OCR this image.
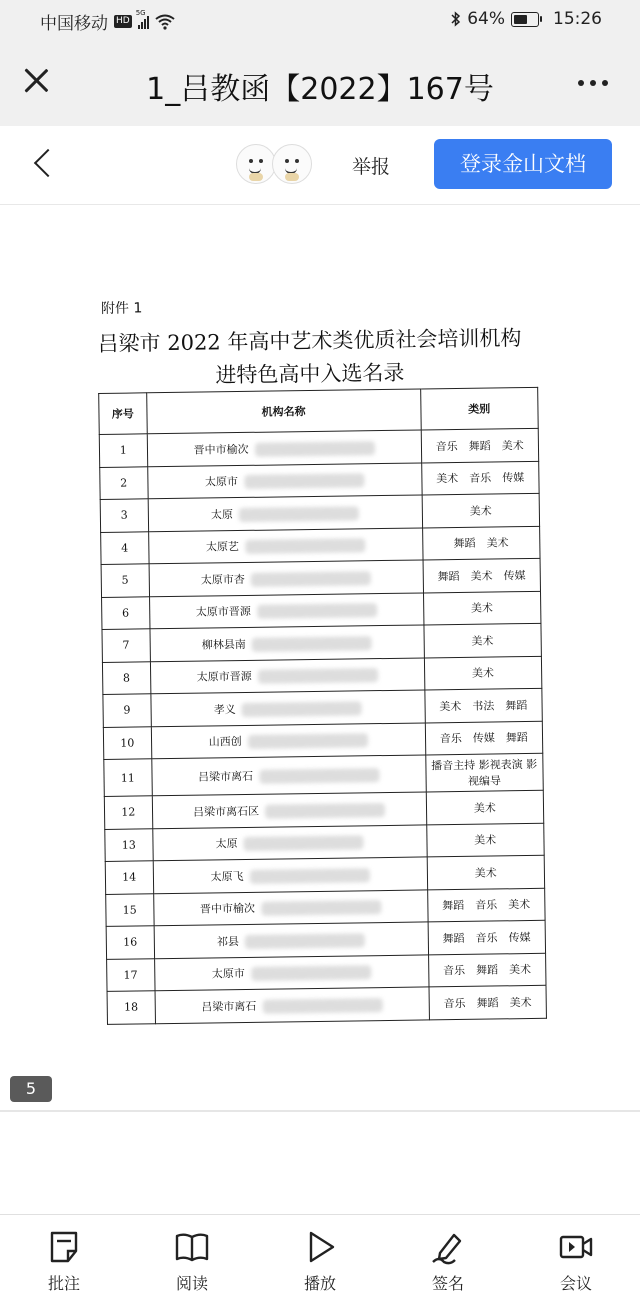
中国移动 HD
5G	64%	15:26
1_吕教函【2022】167号
举报	登录金山文档
附件 1
吕梁市 2022 年高中艺术类优质社会培训机构
进特色高中入选名录
序号	机构名称	类别
1	晋中市榆次	音乐　舞蹈　美术
2	太原市	美术　音乐　传媒
3	太原	美术
4	太原艺	舞蹈　美术
5	太原市杏	舞蹈　美术　传媒
6	太原市晋源	美术
7	柳林县南	美术
8	太原市晋源	美术
9	孝义	美术　书法　舞蹈
10	山西创	音乐　传媒　舞蹈
11	吕梁市离石	播音主持 影视表演 影视编导
12	吕梁市离石区	美术
13	太原	美术
14	太原飞	美术
15	晋中市榆次	舞蹈　音乐　美术
16	祁县	舞蹈　音乐　传媒
17	太原市	音乐　舞蹈　美术
18	吕梁市离石	音乐　舞蹈　美术
5
批注	阅读	播放	签名	会议
